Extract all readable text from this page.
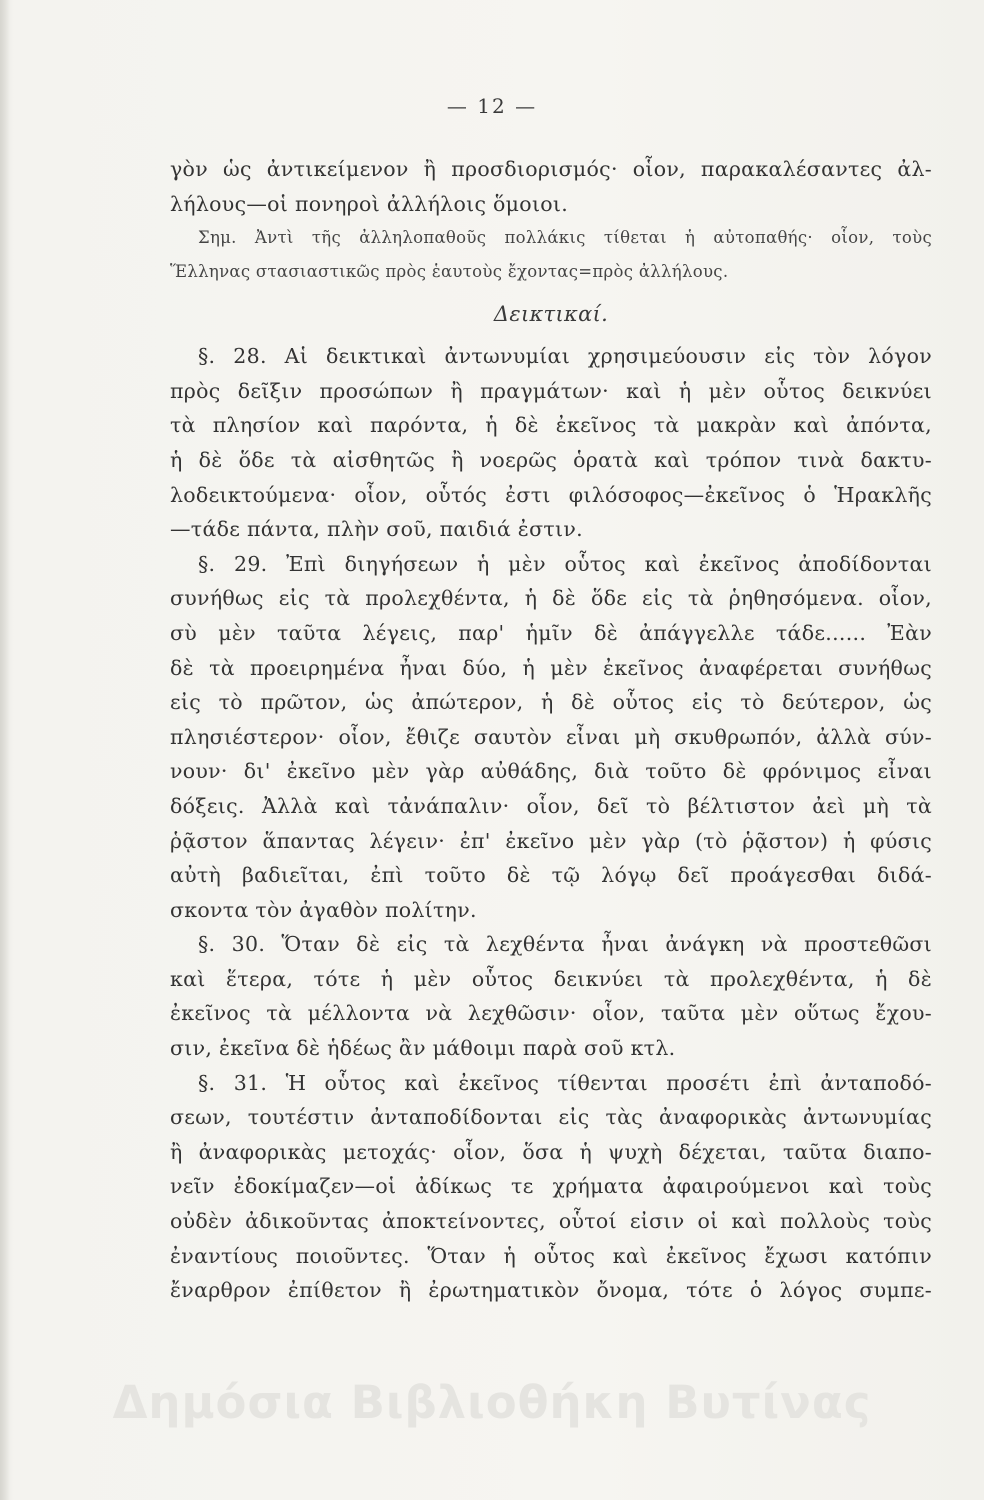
— 12 —
γὸν ὡς ἀντικείμενον ἢ προσδιορισμός· οἷον, παρακαλέσαντες ἀλ-
λήλους—οἱ πονηροὶ ἀλλήλοις ὅμοιοι.
Σημ. Ἀντὶ τῆς ἀλληλοπαθοῦς πολλάκις τίθεται ἡ αὐτοπαθής· οἷον, τοὺς
Ἕλληνας στασιαστικῶς πρὸς ἑαυτοὺς ἔχοντας=πρὸς ἀλλήλους.
Δεικτικαί.
§. 28. Αἱ δεικτικαὶ ἀντωνυμίαι χρησιμεύουσιν εἰς τὸν λόγον
πρὸς δεῖξιν προσώπων ἢ πραγμάτων· καὶ ἡ μὲν οὗτος δεικνύει
τὰ πλησίον καὶ παρόντα, ἡ δὲ ἐκεῖνος τὰ μακρὰν καὶ ἀπόντα,
ἡ δὲ ὅδε τὰ αἰσθητῶς ἢ νοερῶς ὁρατὰ καὶ τρόπον τινὰ δακτυ-
λοδεικτούμενα· οἷον, οὗτός ἐστι φιλόσοφος—ἐκεῖνος ὁ Ἡρακλῆς
—τάδε πάντα, πλὴν σοῦ, παιδιά ἐστιν.
§. 29. Ἐπὶ διηγήσεων ἡ μὲν οὗτος καὶ ἐκεῖνος ἀποδίδονται
συνήθως εἰς τὰ προλεχθέντα, ἡ δὲ ὅδε εἰς τὰ ῥηθησόμενα. οἷον,
σὺ μὲν ταῦτα λέγεις, παρ' ἡμῖν δὲ ἀπάγγελλε τάδε...... Ἐὰν
δὲ τὰ προειρημένα ἦναι δύο, ἡ μὲν ἐκεῖνος ἀναφέρεται συνήθως
εἰς τὸ πρῶτον, ὡς ἀπώτερον, ἡ δὲ οὗτος εἰς τὸ δεύτερον, ὡς
πλησιέστερον· οἷον, ἔθιζε σαυτὸν εἶναι μὴ σκυθρωπόν, ἀλλὰ σύν-
νουν· δι' ἐκεῖνο μὲν γὰρ αὐθάδης, διὰ τοῦτο δὲ φρόνιμος εἶναι
δόξεις. Ἀλλὰ καὶ τἀνάπαλιν· οἷον, δεῖ τὸ βέλτιστον ἀεὶ μὴ τὰ
ῥᾷστον ἅπαντας λέγειν· ἐπ' ἐκεῖνο μὲν γὰρ (τὸ ῥᾷστον) ἡ φύσις
αὐτὴ βαδιεῖται, ἐπὶ τοῦτο δὲ τῷ λόγῳ δεῖ προάγεσθαι διδά-
σκοντα τὸν ἀγαθὸν πολίτην.
§. 30. Ὅταν δὲ εἰς τὰ λεχθέντα ἦναι ἀνάγκη νὰ προστεθῶσι
καὶ ἕτερα, τότε ἡ μὲν οὗτος δεικνύει τὰ προλεχθέντα, ἡ δὲ
ἐκεῖνος τὰ μέλλοντα νὰ λεχθῶσιν· οἷον, ταῦτα μὲν οὕτως ἔχου-
σιν, ἐκεῖνα δὲ ἡδέως ἂν μάθοιμι παρὰ σοῦ κτλ.
§. 31. Ἡ οὗτος καὶ ἐκεῖνος τίθενται προσέτι ἐπὶ ἀνταποδό-
σεων, τουτέστιν ἀνταποδίδονται εἰς τὰς ἀναφορικὰς ἀντωνυμίας
ἢ ἀναφορικὰς μετοχάς· οἷον, ὅσα ἡ ψυχὴ δέχεται, ταῦτα διαπο-
νεῖν ἐδοκίμαζεν—οἱ ἀδίκως τε χρήματα ἀφαιρούμενοι καὶ τοὺς
οὐδὲν ἀδικοῦντας ἀποκτείνοντες, οὗτοί εἰσιν οἱ καὶ πολλοὺς τοὺς
ἐναντίους ποιοῦντες. Ὅταν ἡ οὗτος καὶ ἐκεῖνος ἔχωσι κατόπιν
ἔναρθρον ἐπίθετον ἢ ἐρωτηματικὸν ὄνομα, τότε ὁ λόγος συμπε-
Δημόσια Βιβλιοθήκη Βυτίνας
